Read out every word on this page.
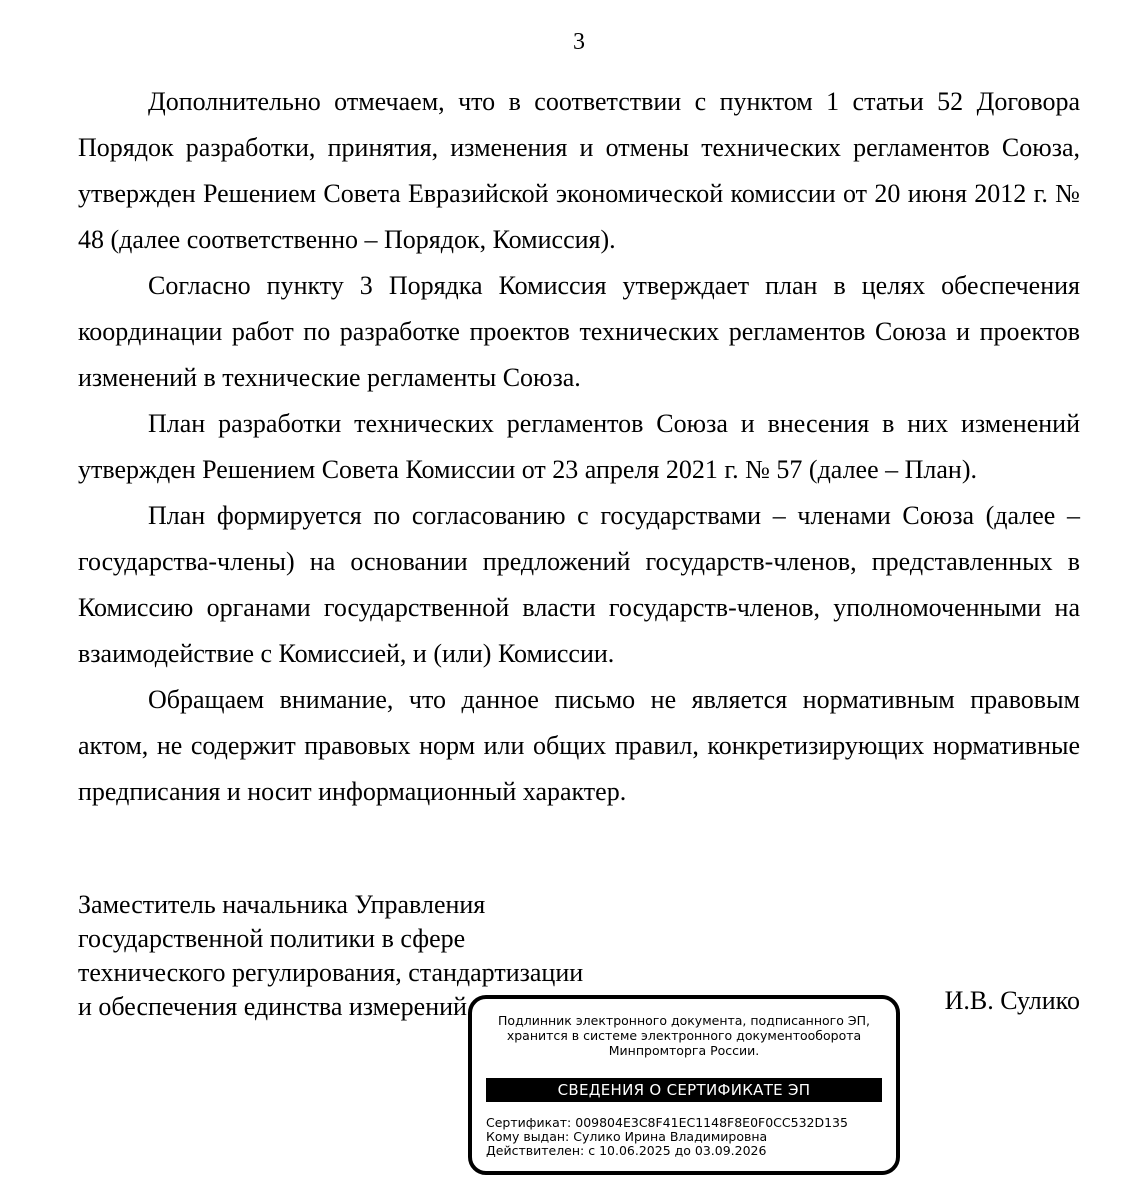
3

Дополнительно отмечаем, что в соответствии с пунктом 1 статьи 52 Договора Порядок разработки, принятия, изменения и отмены технических регламентов Союза, утвержден Решением Совета Евразийской экономической комиссии от 20 июня 2012 г. № 48 (далее соответственно – Порядок, Комиссия).

Согласно пункту 3 Порядка Комиссия утверждает план в целях обеспечения координации работ по разработке проектов технических регламентов Союза и проектов изменений в технические регламенты Союза.

План разработки технических регламентов Союза и внесения в них изменений утвержден Решением Совета Комиссии от 23 апреля 2021 г. № 57 (далее – План).

План формируется по согласованию с государствами – членами Союза (далее – государства-члены) на основании предложений государств-членов, представленных в Комиссию органами государственной власти государств-членов, уполномоченными на взаимодействие с Комиссией, и (или) Комиссии.

Обращаем внимание, что данное письмо не является нормативным правовым актом, не содержит правовых норм или общих правил, конкретизирующих нормативные предписания и носит информационный характер.

Заместитель начальника Управления
государственной политики в сфере
технического регулирования, стандартизации
и обеспечения единства измерений	И.В. Сулико
Подлинник электронного документа, подписанного ЭП,
хранится в системе электронного документооборота
Минпромторга России.
СВЕДЕНИЯ О СЕРТИФИКАТЕ ЭП
Сертификат: 009804E3C8F41EC1148F8E0F0CC532D135
Кому выдан: Сулико Ирина Владимировна
Действителен: с 10.06.2025 до 03.09.2026
